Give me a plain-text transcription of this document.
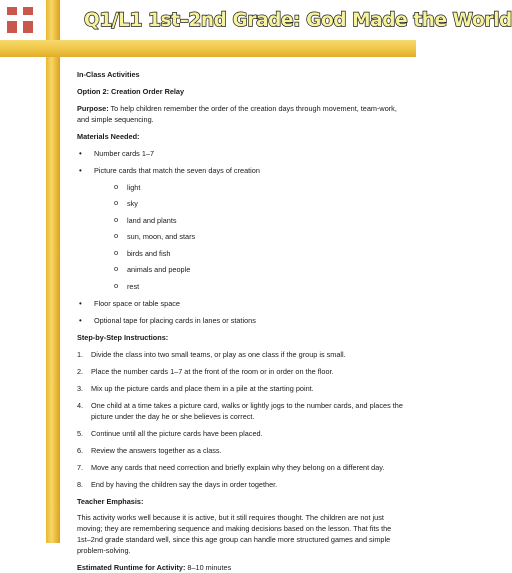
Q1/L1 1st–2nd Grade: God Made the World

In-Class Activities

Option 2: Creation Order Relay

Purpose: To help children remember the order of the creation days through movement, team-work, and simple sequencing.

Materials Needed:

• Number cards 1–7
• Picture cards that match the seven days of creation
o light
o sky
o land and plants
o sun, moon, and stars
o birds and fish
o animals and people
o rest
• Floor space or table space
• Optional tape for placing cards in lanes or stations

Step-by-Step Instructions:

1. Divide the class into two small teams, or play as one class if the group is small.
2. Place the number cards 1–7 at the front of the room or in order on the floor.
3. Mix up the picture cards and place them in a pile at the starting point.
4. One child at a time takes a picture card, walks or lightly jogs to the number cards, and places the picture under the day he or she believes is correct.
5. Continue until all the picture cards have been placed.
6. Review the answers together as a class.
7. Move any cards that need correction and briefly explain why they belong on a different day.
8. End by having the children say the days in order together.

Teacher Emphasis:

This activity works well because it is active, but it still requires thought. The children are not just moving; they are remembering sequence and making decisions based on the lesson. That fits the 1st–2nd grade standard well, since this age group can handle more structured games and simple problem-solving.

Estimated Runtime for Activity: 8–10 minutes
